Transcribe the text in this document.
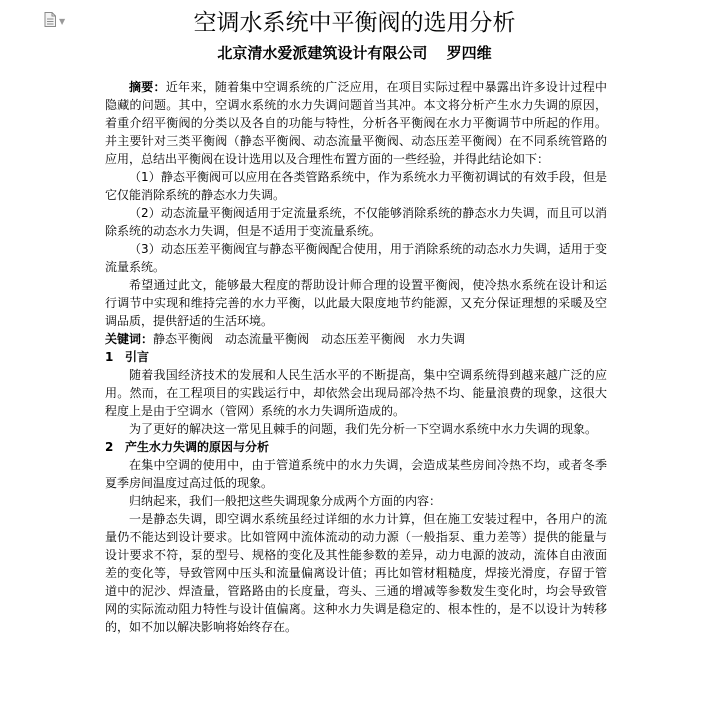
▼	空调水系统中平衡阀的选用分析
北京清水爱派建筑设计有限公司 罗四维

摘要：近年来，随着集中空调系统的广泛应用，在项目实际过程中暴露出许多设计过程中隐藏的问题。其中，空调水系统的水力失调问题首当其冲。本文将分析产生水力失调的原因，着重介绍平衡阀的分类以及各自的功能与特性，分析各平衡阀在水力平衡调节中所起的作用。并主要针对三类平衡阀（静态平衡阀、动态流量平衡阀、动态压差平衡阀）在不同系统管路的应用，总结出平衡阀在设计选用以及合理性布置方面的一些经验，并得此结论如下：

（1）静态平衡阀可以应用在各类管路系统中，作为系统水力平衡初调试的有效手段，但是它仅能消除系统的静态水力失调。

（2）动态流量平衡阀适用于定流量系统，不仅能够消除系统的静态水力失调，而且可以消除系统的动态水力失调，但是不适用于变流量系统。

（3）动态压差平衡阀宜与静态平衡阀配合使用，用于消除系统的动态水力失调，适用于变流量系统。

希望通过此文，能够最大程度的帮助设计师合理的设置平衡阀，使冷热水系统在设计和运行调节中实现和维持完善的水力平衡，以此最大限度地节约能源，又充分保证理想的采暖及空调品质，提供舒适的生活环境。

关键词：静态平衡阀 动态流量平衡阀 动态压差平衡阀 水力失调

1 引言

随着我国经济技术的发展和人民生活水平的不断提高，集中空调系统得到越来越广泛的应用。然而，在工程项目的实践运行中，却依然会出现局部冷热不均、能量浪费的现象，这很大程度上是由于空调水（管网）系统的水力失调所造成的。

为了更好的解决这一常见且棘手的问题，我们先分析一下空调水系统中水力失调的现象。

2 产生水力失调的原因与分析

在集中空调的使用中，由于管道系统中的水力失调，会造成某些房间冷热不均，或者冬季夏季房间温度过高过低的现象。

归纳起来，我们一般把这些失调现象分成两个方面的内容：

一是静态失调，即空调水系统虽经过详细的水力计算，但在施工安装过程中，各用户的流量仍不能达到设计要求。比如管网中流体流动的动力源（一般指泵、重力差等）提供的能量与设计要求不符，泵的型号、规格的变化及其性能参数的差异，动力电源的波动，流体自由液面差的变化等，导致管网中压头和流量偏离设计值；再比如管材粗糙度，焊接光滑度，存留于管道中的泥沙、焊渣量，管路路由的长度量，弯头、三通的增减等参数发生变化时，均会导致管网的实际流动阻力特性与设计值偏离。这种水力失调是稳定的、根本性的，是不以设计为转移的，如不加以解决影响将始终存在。
